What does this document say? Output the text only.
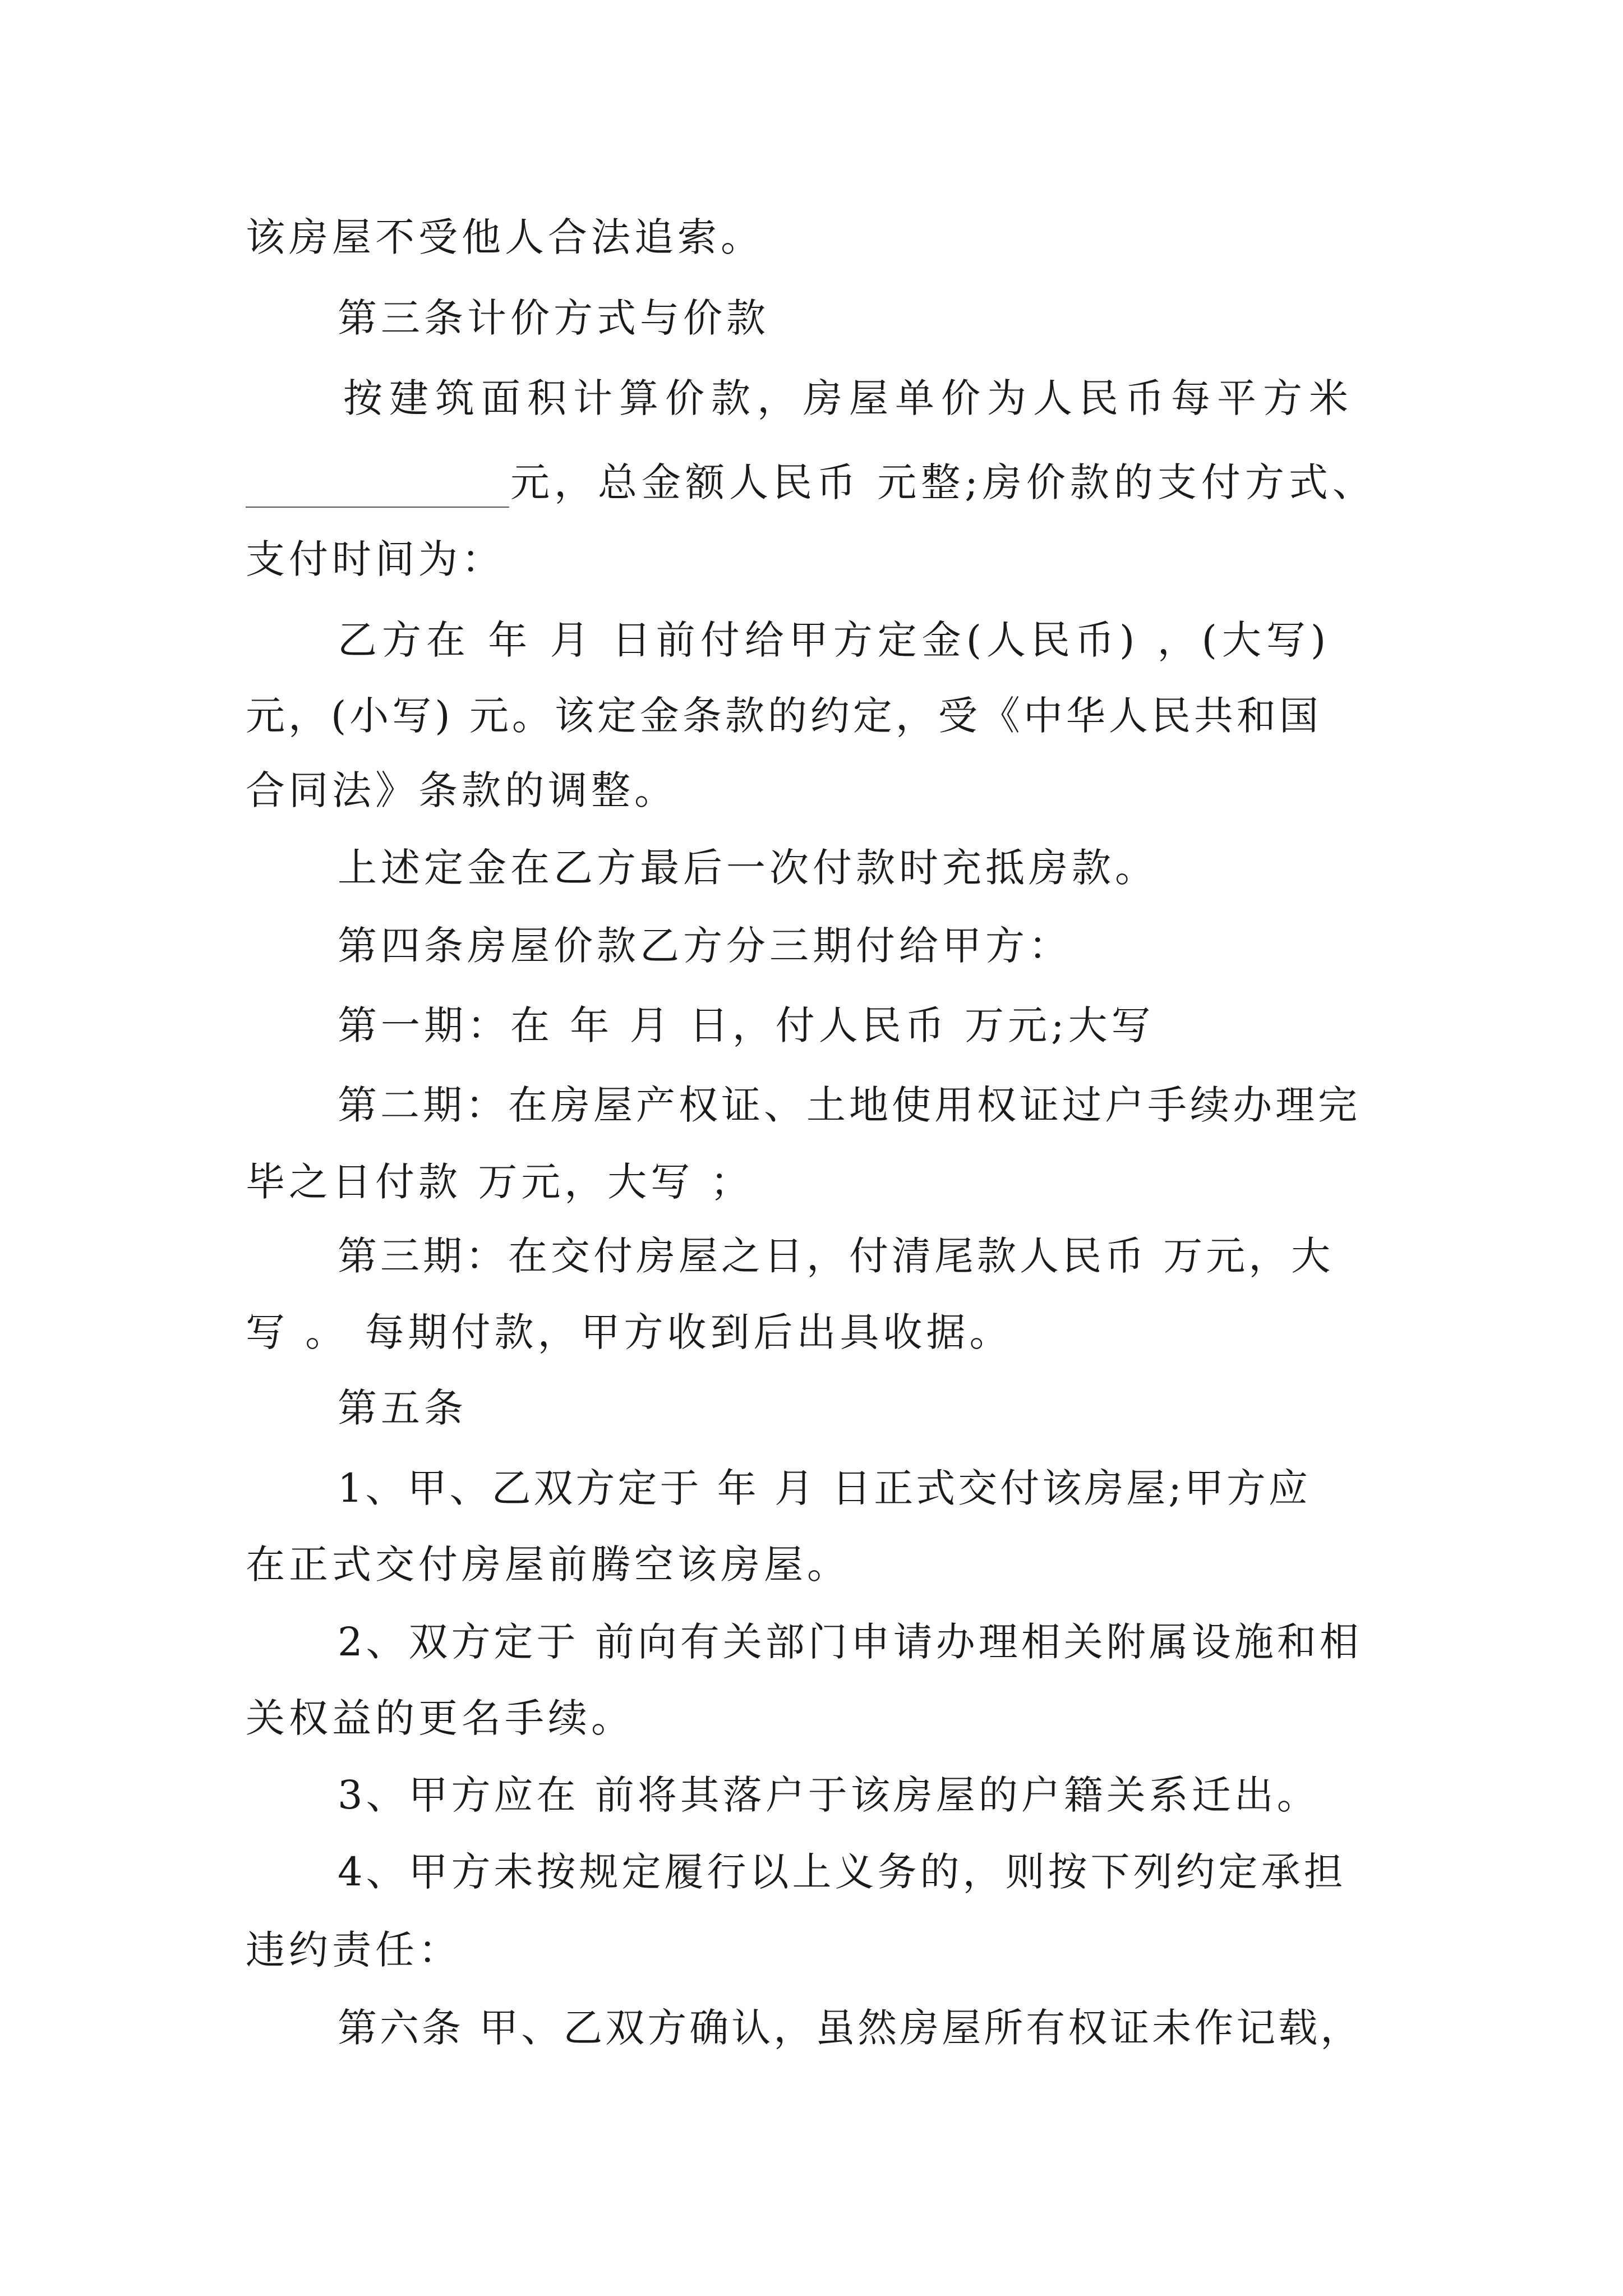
该房屋不受他人合法追索。
第三条计价方式与价款
按建筑面积计算价款，房屋单价为人民币每平方米
元，总金额人民币 元整;房价款的支付方式、
支付时间为：
乙方在 年 月 日前付给甲方定金(人民币) ，(大写)
元，(小写) 元。该定金条款的约定，受《中华人民共和国
合同法》条款的调整。
上述定金在乙方最后一次付款时充抵房款。
第四条房屋价款乙方分三期付给甲方：
第一期：在 年 月 日，付人民币 万元;大写
第二期：在房屋产权证、土地使用权证过户手续办理完
毕之日付款 万元，大写 ；
第三期：在交付房屋之日，付清尾款人民币 万元，大
写 。 每期付款，甲方收到后出具收据。
第五条
1、甲、乙双方定于 年 月 日正式交付该房屋;甲方应
在正式交付房屋前腾空该房屋。
2、双方定于 前向有关部门申请办理相关附属设施和相
关权益的更名手续。
3、甲方应在 前将其落户于该房屋的户籍关系迁出。
4、甲方未按规定履行以上义务的，则按下列约定承担
违约责任：
第六条 甲、乙双方确认，虽然房屋所有权证未作记载，
